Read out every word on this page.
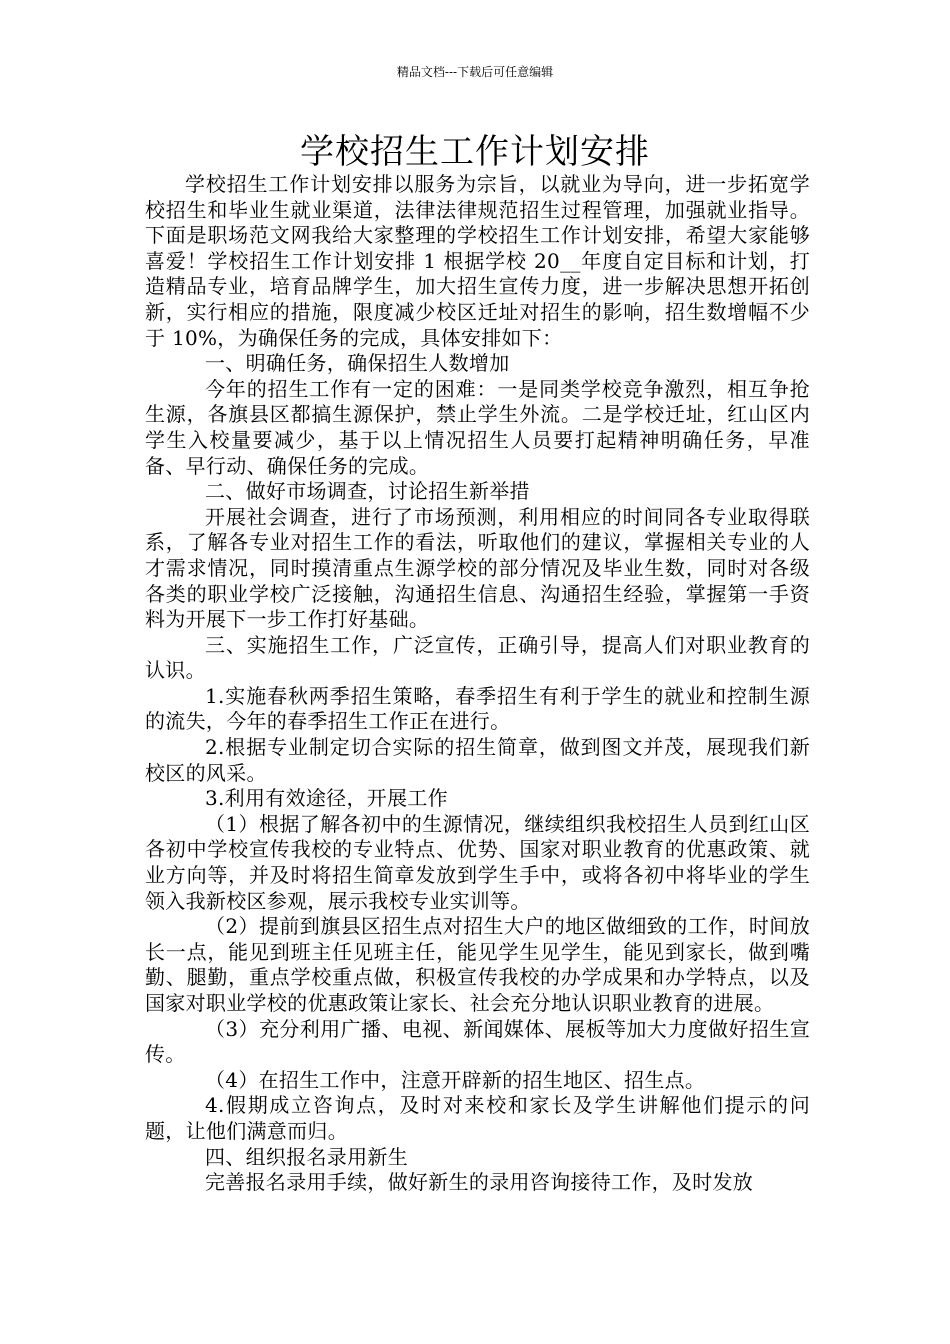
精品文档---下载后可任意编辑
学校招生工作计划安排

学校招生工作计划安排以服务为宗旨，以就业为导向，进一步拓宽学校招生和毕业生就业渠道，法律法律规范招生过程管理，加强就业指导。下面是职场范文网我给大家整理的学校招生工作计划安排，希望大家能够喜爱！学校招生工作计划安排 1 根据学校 20__年度自定目标和计划，打造精品专业，培育品牌学生，加大招生宣传力度，进一步解决思想开拓创新，实行相应的措施，限度减少校区迁址对招生的影响，招生数增幅不少于 10%，为确保任务的完成，具体安排如下：

一、明确任务，确保招生人数增加

今年的招生工作有一定的困难：一是同类学校竞争激烈，相互争抢生源，各旗县区都搞生源保护，禁止学生外流。二是学校迁址，红山区内学生入校量要减少，基于以上情况招生人员要打起精神明确任务，早准备、早行动、确保任务的完成。

二、做好市场调查，讨论招生新举措

开展社会调查，进行了市场预测，利用相应的时间同各专业取得联系，了解各专业对招生工作的看法，听取他们的建议，掌握相关专业的人才需求情况，同时摸清重点生源学校的部分情况及毕业生数，同时对各级各类的职业学校广泛接触，沟通招生信息、沟通招生经验，掌握第一手资料为开展下一步工作打好基础。

三、实施招生工作，广泛宣传，正确引导，提高人们对职业教育的认识。

1.实施春秋两季招生策略，春季招生有利于学生的就业和控制生源的流失，今年的春季招生工作正在进行。

2.根据专业制定切合实际的招生简章，做到图文并茂，展现我们新校区的风采。

3.利用有效途径，开展工作

（1）根据了解各初中的生源情况，继续组织我校招生人员到红山区各初中学校宣传我校的专业特点、优势、国家对职业教育的优惠政策、就业方向等，并及时将招生简章发放到学生手中，或将各初中将毕业的学生领入我新校区参观，展示我校专业实训等。

（2）提前到旗县区招生点对招生大户的地区做细致的工作，时间放长一点，能见到班主任见班主任，能见学生见学生，能见到家长，做到嘴勤、腿勤，重点学校重点做，积极宣传我校的办学成果和办学特点，以及国家对职业学校的优惠政策让家长、社会充分地认识职业教育的进展。

（3）充分利用广播、电视、新闻媒体、展板等加大力度做好招生宣传。

（4）在招生工作中，注意开辟新的招生地区、招生点。

4.假期成立咨询点，及时对来校和家长及学生讲解他们提示的问题，让他们满意而归。

四、组织报名录用新生

完善报名录用手续，做好新生的录用咨询接待工作，及时发放
